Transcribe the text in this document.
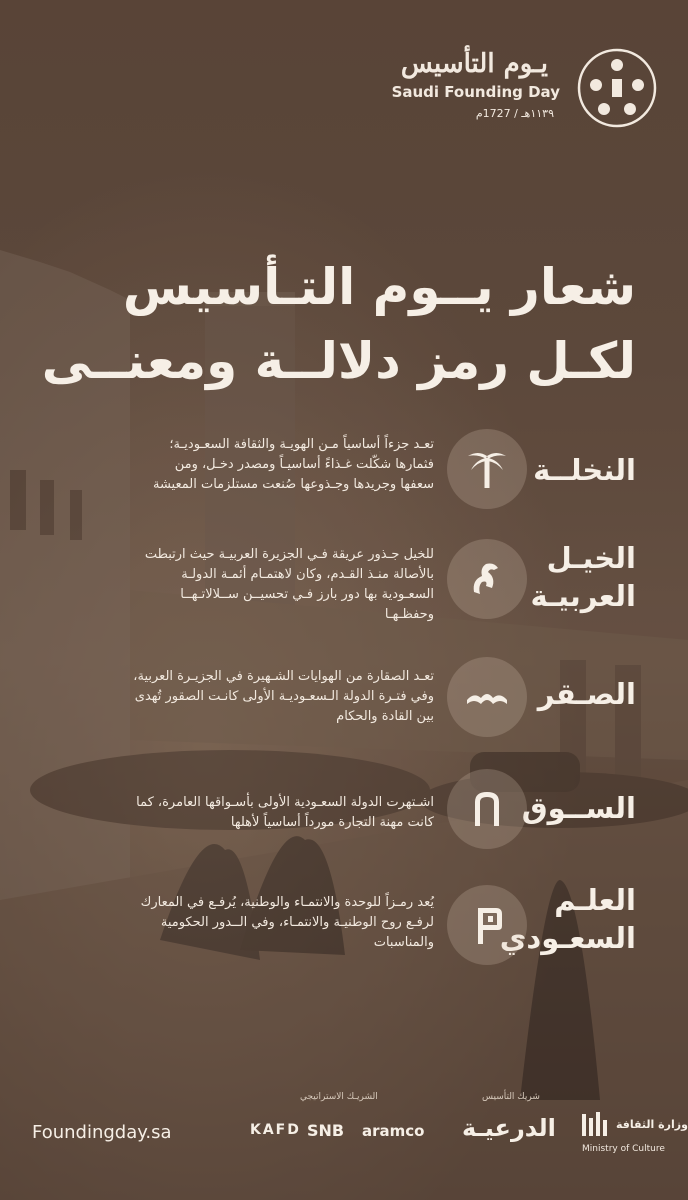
يـوم التأسيس
Saudi Founding Day
١١٣٩هـ / 1727م
شعار يــوم التـأسيس
لكـل رمز دلالــة ومعنــى
النخلــة
تعـد جزءاً أساسياً مـن الهويـة والثقافة السعـوديـة؛
فثمارها شكّلت غـذاءً أساسيـاً ومصدر دخـل، ومن
سعفها وجريدها وجـذوعها صُنعت مستلزمات المعيشة
الخيـل العربيـة
للخيل جـذور عريقة فـي الجزيرة العربيـة حيث ارتبطت
بالأصالة منـذ القـدم، وكان لاهتمـام أئمـة الدولـة
السعـودية بها دور بارز فـي تحسيــن ســلالاتـهــا
وحفظـهـا
الصـقر
تعـد الصقارة من الهوايات الشـهيرة في الجزيـرة العربية،
وفي فتـرة الدولة الـسعـوديـة الأولى كانـت الصقور تُهدى
بين القادة والحكام
الســوق
اشـتهرت الدولة السعـودية الأولى بأسـواقها العامرة، كما
كانت مهنة التجارة مورداً أساسياً لأهلها
العلـم السعـودي
يُعد رمـزاً للوحدة والانتمـاء والوطنية، يُرفـع في المعارك
لرفـع روح الوطنيـة والانتمـاء، وفي الــدور الحكومية
والمناسبات
Foundingday.sa
الشريـك الاستراتيجي
KAFD SNB aramco
شريك التأسيس
الدرعيـة	وزارة الثقافة
Ministry of Culture
